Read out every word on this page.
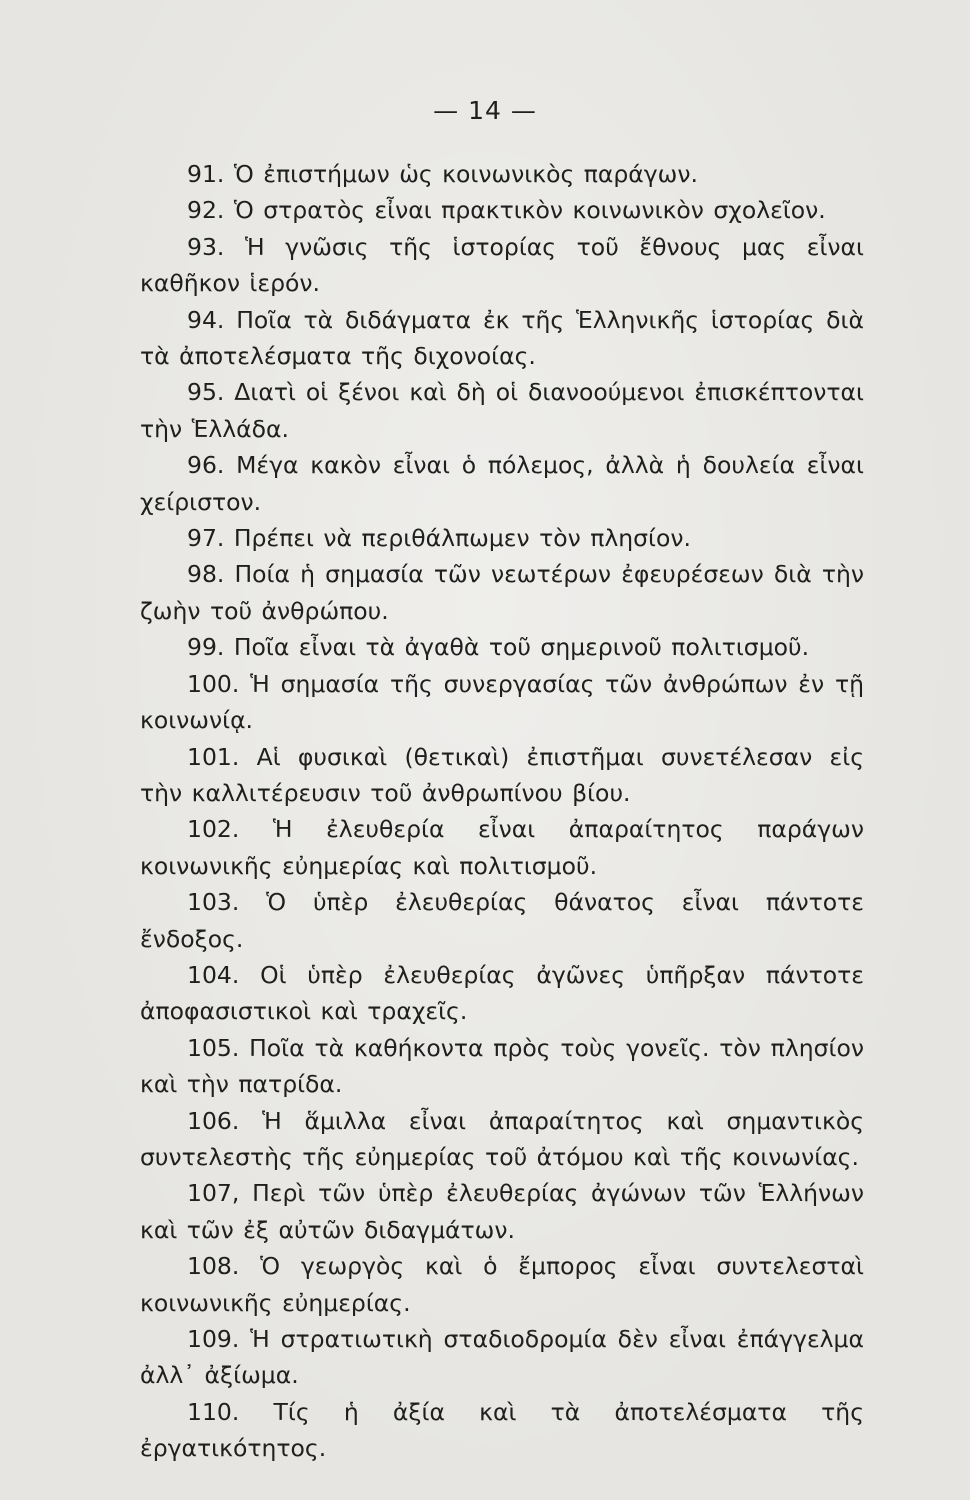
— 14 —

91. Ὁ ἐπιστήμων ὡς κοινωνικὸς παράγων.

92. Ὁ στρατὸς εἶναι πρακτικὸν κοινωνικὸν σχολεῖον.

93. Ἡ γνῶσις τῆς ἱστορίας τοῦ ἔθνους μας εἶναι καθῆκον ἱερόν.

94. Ποῖα τὰ διδάγματα ἐκ τῆς Ἑλληνικῆς ἱστορίας διὰ τὰ ἀποτελέσματα τῆς διχονοίας.

95. Διατὶ οἱ ξένοι καὶ δὴ οἱ διανοούμενοι ἐπισκέπτονται τὴν Ἑλλάδα.

96. Μέγα κακὸν εἶναι ὁ πόλεμος, ἀλλὰ ἡ δουλεία εἶναι χείριστον.

97. Πρέπει νὰ περιθάλπωμεν τὸν πλησίον.

98. Ποία ἡ σημασία τῶν νεωτέρων ἐφευρέσεων διὰ τὴν ζωὴν τοῦ ἀνθρώπου.

99. Ποῖα εἶναι τὰ ἀγαθὰ τοῦ σημερινοῦ πολιτισμοῦ.

100. Ἡ σημασία τῆς συνεργασίας τῶν ἀνθρώπων ἐν τῇ κοινωνίᾳ.

101. Αἱ φυσικαὶ (θετικαὶ) ἐπιστῆμαι συνετέλεσαν εἰς τὴν καλλιτέρευσιν τοῦ ἀνθρωπίνου βίου.

102. Ἡ ἐλευθερία εἶναι ἀπαραίτητος παράγων κοινωνικῆς εὐημερίας καὶ πολιτισμοῦ.

103. Ὁ ὑπὲρ ἐλευθερίας θάνατος εἶναι πάντοτε ἔνδοξος.

104. Οἱ ὑπὲρ ἐλευθερίας ἀγῶνες ὑπῆρξαν πάντοτε ἀποφασιστικοὶ καὶ τραχεῖς.

105. Ποῖα τὰ καθήκοντα πρὸς τοὺς γονεῖς. τὸν πλησίον καὶ τὴν πατρίδα.

106. Ἡ ἅμιλλα εἶναι ἀπαραίτητος καὶ σημαντικὸς συντελεστὴς τῆς εὐημερίας τοῦ ἀτόμου καὶ τῆς κοινωνίας.

107, Περὶ τῶν ὑπὲρ ἐλευθερίας ἀγώνων τῶν Ἑλλήνων καὶ τῶν ἐξ αὐτῶν διδαγμάτων.

108. Ὁ γεωργὸς καὶ ὁ ἔμπορος εἶναι συντελεσταὶ κοινωνικῆς εὐημερίας.

109. Ἡ στρατιωτικὴ σταδιοδρομία δὲν εἶναι ἐπάγγελμα ἀλλ᾽ ἀξίωμα.

110. Τίς ἡ ἀξία καὶ τὰ ἀποτελέσματα τῆς ἐργατικότητος.
